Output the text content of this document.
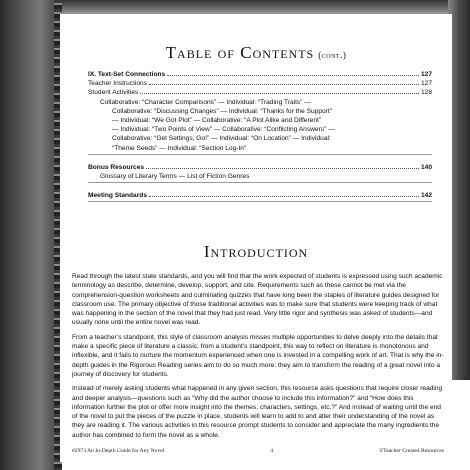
Table of Contents (cont.)
IX. Text-Set Connections	127
Teacher Instructions	127
Student Activities	128
Collaborative: “Character Comparisons” — Individual: “Trading Traits” —
Collaborative: “Discussing Changes” — Individual: “Thanks for the Support”
— Individual: “We Got Plot” — Collaborative: “A Plot Alike and Different”
— Individual: “Two Points of View” — Collaborative: “Conflicting Answers” —
Collaborative: “Get Settings, Go!” — Individual: “On Location” — Individual:
“Theme Seeds” — Individual: “Section Log-In”
Bonus Resources	140
Glossary of Literary Terms — List of Fiction Genres
Meeting Standards	142
Introduction

Read through the latest state standards, and you will find that the work expected of students is expressed using such academic terminology as describe, determine, develop, support, and cite. Requirements such as these cannot be met via the comprehension-question worksheets and culminating quizzes that have long been the staples of literature guides designed for classroom use. The primary objective of those traditional activities was to make sure that students were keeping track of what was happening in the section of the novel that they had just read. Very little rigor and synthesis was asked of students—and usually none until the entire novel was read.

From a teacher’s standpoint, this style of classroom analysis misses multiple opportunities to delve deeply into the details that make a specific piece of literature a classic; from a student’s standpoint, this way to reflect on literature is monotonous and inflexible, and it fails to nurture the momentum experienced when one is invested in a compelling work of art. That is why the in-depth guides in the Rigorous Reading series aim to do so much more: they aim to transform the reading of a great novel into a journey of discovery for students.

Instead of merely asking students what happened in any given section, this resource asks questions that require closer reading and deeper analysis—questions such as “Why did the author choose to include this information?” and “How does this information further the plot or offer more insight into the themes, characters, settings, etc.?” And instead of waiting until the end of the novel to put the pieces of the puzzle in place, students will learn to add to and alter their understanding of the novel as they are reading it. The various activities in this resource prompt students to consider and appreciate the many ingredients the author has combined to form the novel as a whole.

#2973 An In-Depth Guide for Any Novel	4	©Teacher Created Resources
